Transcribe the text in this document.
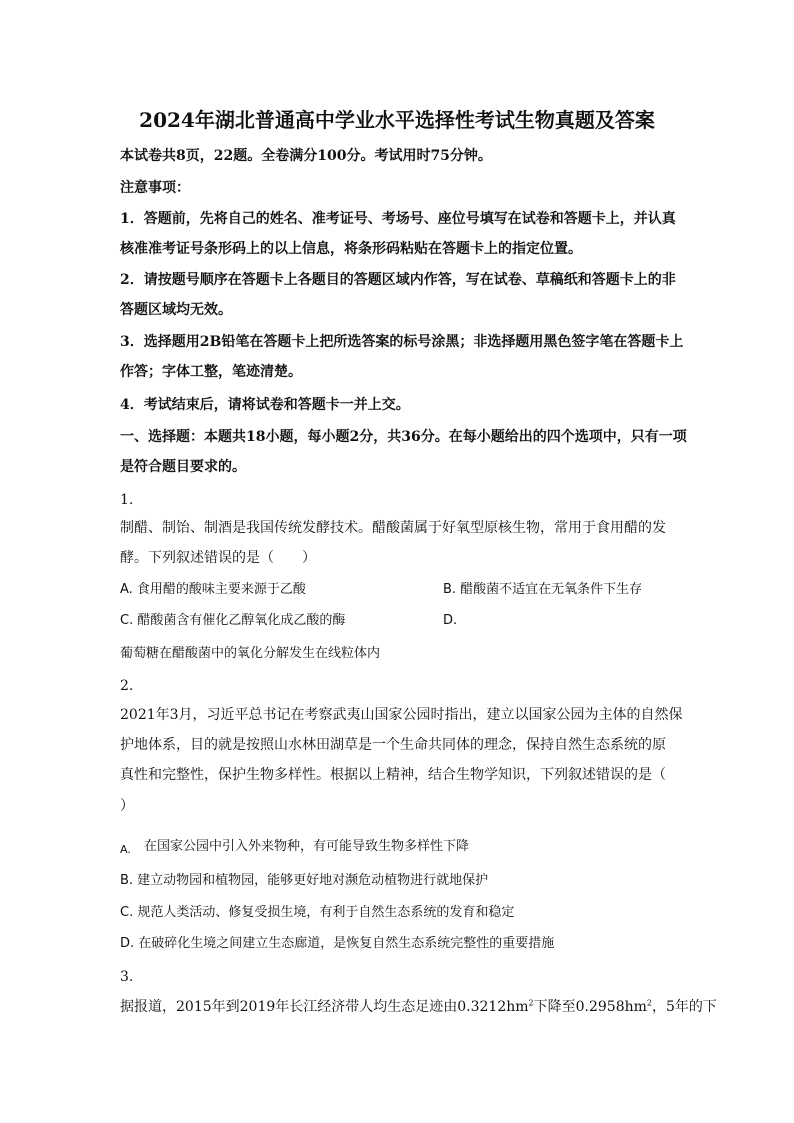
2024年湖北普通高中学业水平选择性考试生物真题及答案
本试卷共8页，22题。全卷满分100分。考试用时75分钟。
注意事项：
1．答题前，先将自己的姓名、准考证号、考场号、座位号填写在试卷和答题卡上，并认真
核准准考证号条形码上的以上信息，将条形码粘贴在答题卡上的指定位置。
2．请按题号顺序在答题卡上各题目的答题区域内作答，写在试卷、草稿纸和答题卡上的非
答题区域均无效。
3．选择题用2B铅笔在答题卡上把所选答案的标号涂黑；非选择题用黑色签字笔在答题卡上
作答；字体工整，笔迹清楚。
4．考试结束后，请将试卷和答题卡一并上交。
一、选择题：本题共18小题，每小题2分，共36分。在每小题给出的四个选项中，只有一项
是符合题目要求的。
1.
制醋、制饴、制酒是我国传统发酵技术。醋酸菌属于好氧型原核生物，常用于食用醋的发
酵。下列叙述错误的是（　　）
A. 食用醋的酸味主要来源于乙酸	B. 醋酸菌不适宜在无氧条件下生存
C. 醋酸菌含有催化乙醇氧化成乙酸的酶	D.
葡萄糖在醋酸菌中的氧化分解发生在线粒体内
2.
2021年3月，习近平总书记在考察武夷山国家公园时指出，建立以国家公园为主体的自然保
护地体系，目的就是按照山水林田湖草是一个生命共同体的理念，保持自然生态系统的原
真性和完整性，保护生物多样性。根据以上精神，结合生物学知识，下列叙述错误的是（
）
A. 在国家公园中引入外来物种，有可能导致生物多样性下降
B. 建立动物园和植物园，能够更好地对濒危动植物进行就地保护
C. 规范人类活动、修复受损生境，有利于自然生态系统的发育和稳定
D. 在破碎化生境之间建立生态廊道，是恢复自然生态系统完整性的重要措施
3.
据报道，2015年到2019年长江经济带人均生态足迹由$0.3212hm^2$下降至$0.2958hm^2$，5年的下
